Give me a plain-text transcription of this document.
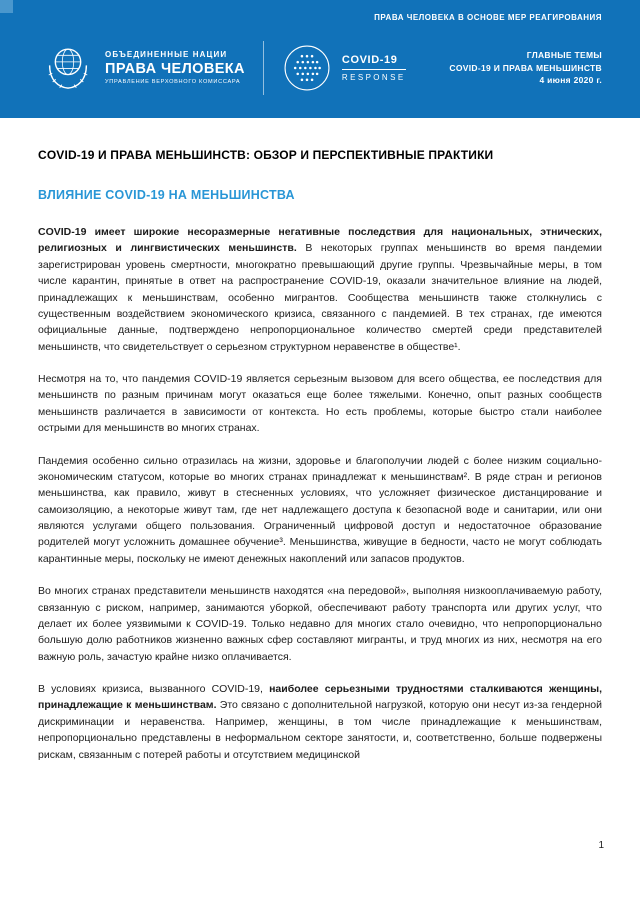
ПРАВА ЧЕЛОВЕКА В ОСНОВЕ МЕР РЕАГИРОВАНИЯ
ОБЪЕДИНЕННЫЕ НАЦИИ
ПРАВА ЧЕЛОВЕКА
УПРАВЛЕНИЕ ВЕРХОВНОГО КОМИССАРА
COVID-19
RESPONSE
ГЛАВНЫЕ ТЕМЫ
COVID-19 И ПРАВА МЕНЬШИНСТВ
4 июня 2020 г.
COVID-19 И ПРАВА МЕНЬШИНСТВ: ОБЗОР И ПЕРСПЕКТИВНЫЕ ПРАКТИКИ
ВЛИЯНИЕ COVID-19 НА МЕНЬШИНСТВА

COVID-19 имеет широкие несоразмерные негативные последствия для национальных, этнических, религиозных и лингвистических меньшинств. В некоторых группах меньшинств во время пандемии зарегистрирован уровень смертности, многократно превышающий другие группы. Чрезвычайные меры, в том числе карантин, принятые в ответ на распространение COVID-19, оказали значительное влияние на людей, принадлежащих к меньшинствам, особенно мигрантов. Сообщества меньшинств также столкнулись с существенным воздействием экономического кризиса, связанного с пандемией. В тех странах, где имеются официальные данные, подтверждено непропорциональное количество смертей среди представителей меньшинств, что свидетельствует о серьезном структурном неравенстве в обществе¹.

Несмотря на то, что пандемия COVID-19 является серьезным вызовом для всего общества, ее последствия для меньшинств по разным причинам могут оказаться еще более тяжелыми. Конечно, опыт разных сообществ меньшинств различается в зависимости от контекста. Но есть проблемы, которые быстро стали наиболее острыми для меньшинств во многих странах.

Пандемия особенно сильно отразилась на жизни, здоровье и благополучии людей с более низким социально-экономическим статусом, которые во многих странах принадлежат к меньшинствам². В ряде стран и регионов меньшинства, как правило, живут в стесненных условиях, что усложняет физическое дистанцирование и самоизоляцию, а некоторые живут там, где нет надлежащего доступа к безопасной воде и санитарии, или они являются услугами общего пользования. Ограниченный цифровой доступ и недостаточное образование родителей могут усложнить домашнее обучение³. Меньшинства, живущие в бедности, часто не могут соблюдать карантинные меры, поскольку не имеют денежных накоплений или запасов продуктов.

Во многих странах представители меньшинств находятся «на передовой», выполняя низкооплачиваемую работу, связанную с риском, например, занимаются уборкой, обеспечивают работу транспорта или других услуг, что делает их более уязвимыми к COVID-19. Только недавно для многих стало очевидно, что непропорционально большую долю работников жизненно важных сфер составляют мигранты, и труд многих из них, несмотря на его важную роль, зачастую крайне низко оплачивается.

В условиях кризиса, вызванного COVID-19, наиболее серьезными трудностями сталкиваются женщины, принадлежащие к меньшинствам. Это связано с дополнительной нагрузкой, которую они несут из-за гендерной дискриминации и неравенства. Например, женщины, в том числе принадлежащие к меньшинствам, непропорционально представлены в неформальном секторе занятости, и, соответственно, больше подвержены рискам, связанным с потерей работы и отсутствием медицинской

1
